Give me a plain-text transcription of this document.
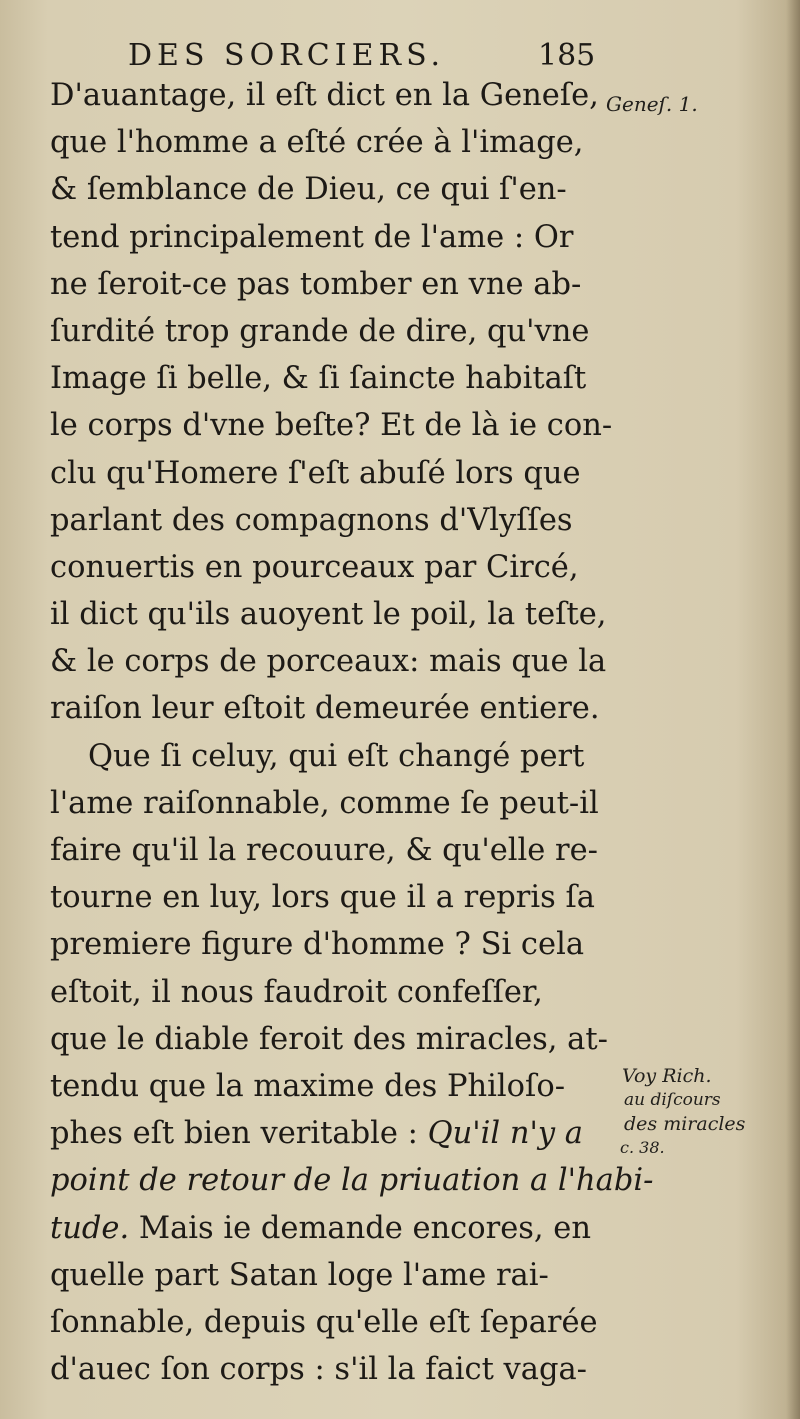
DES SORCIERS.	185
D'auantage, il eſt dict en la Geneſe,
que l'homme a eſté crée à l'image,
& ſemblance de Dieu, ce qui ſ'en-
tend principalement de l'ame : Or
ne ſeroit-ce pas tomber en vne ab-
ſurdité trop grande de dire, qu'vne
Image ſi belle, & ſi ſaincte habitaſt
le corps d'vne beſte? Et de là ie con-
clu qu'Homere ſ'eſt abuſé lors que
parlant des compagnons d'Vlyſſes
conuertis en pourceaux par Circé,
il dict qu'ils auoyent le poil, la teſte,
& le corps de porceaux: mais que la
raiſon leur eſtoit demeurée entiere.
Que ſi celuy, qui eſt changé pert
l'ame raiſonnable, comme ſe peut-il
faire qu'il la recouure, & qu'elle re-
tourne en luy, lors que il a repris ſa
premiere figure d'homme ? Si cela
eſtoit, il nous faudroit confeſſer,
que le diable feroit des miracles, at-
tendu que la maxime des Philoſo-
phes eſt bien veritable : Qu'il n'y a
point de retour de la priuation a l'habi-
tude. Mais ie demande encores, en
quelle part Satan loge l'ame rai-
ſonnable, depuis qu'elle eſt ſeparée
d'auec ſon corps : s'il la faict vaga-
Geneſ. 1.
Voy Rich.
au diſcours
des miracles
c. 38.
